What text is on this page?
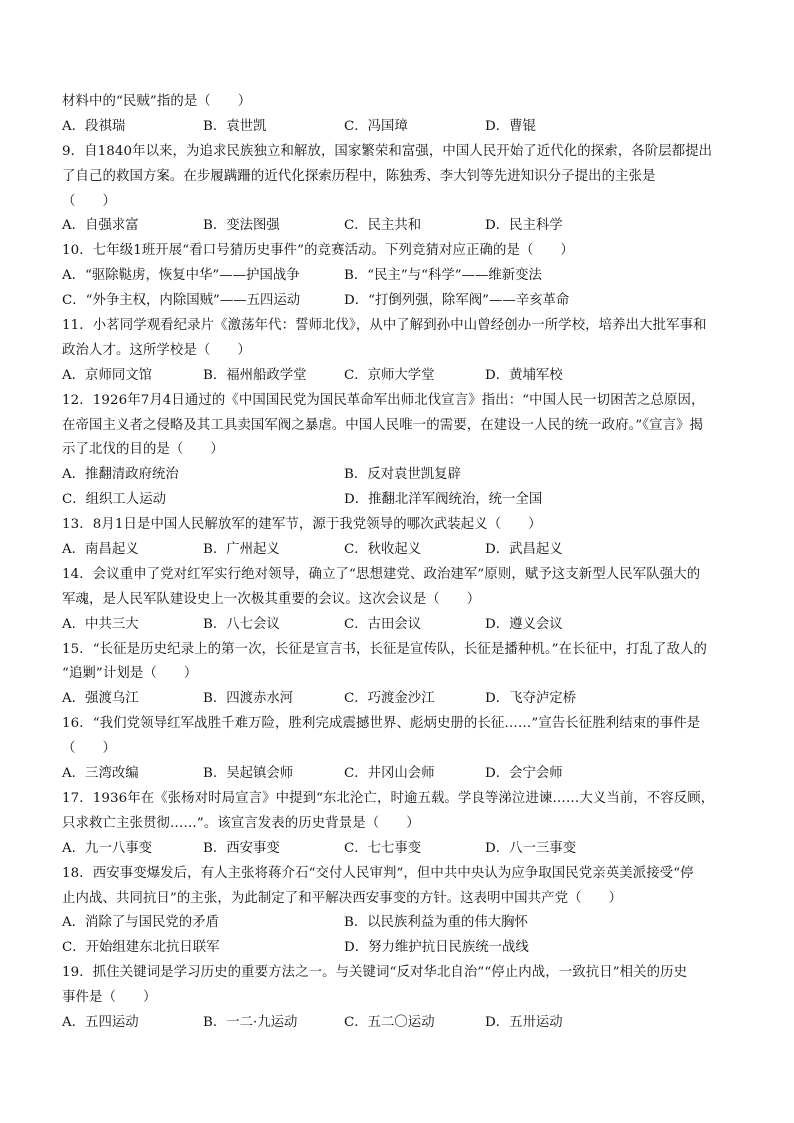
材料中的“民贼”指的是（　　）
A．段祺瑞	B．袁世凯	C．冯国璋	D．曹锟
9．自1840年以来，为追求民族独立和解放，国家繁荣和富强，中国人民开始了近代化的探索，各阶层都提出
了自己的救国方案。在步履蹒跚的近代化探索历程中，陈独秀、李大钊等先进知识分子提出的主张是
（　　）
A．自强求富	B．变法图强	C．民主共和	D．民主科学
10．七年级1班开展“看口号猜历史事件”的竞赛活动。下列竞猜对应正确的是（　　）
A．“驱除鞑虏，恢复中华”——护国战争	B．“民主”与“科学”——维新变法
C．“外争主权，内除国贼”——五四运动	D．“打倒列强，除军阀”——辛亥革命
11．小茗同学观看纪录片《激荡年代：誓师北伐》，从中了解到孙中山曾经创办一所学校，培养出大批军事和
政治人才。这所学校是（　　）
A．京师同文馆	B．福州船政学堂	C．京师大学堂	D．黄埔军校
12．1926年7月4日通过的《中国国民党为国民革命军出师北伐宣言》指出：“中国人民一切困苦之总原因，
在帝国主义者之侵略及其工具卖国军阀之暴虐。中国人民唯一的需要，在建设一人民的统一政府。”《宣言》揭
示了北伐的目的是（　　）
A．推翻清政府统治	B．反对袁世凯复辟
C．组织工人运动	D．推翻北洋军阀统治，统一全国
13．8月1日是中国人民解放军的建军节，源于我党领导的哪次武装起义（　　）
A．南昌起义	B．广州起义	C．秋收起义	D．武昌起义
14．会议重申了党对红军实行绝对领导，确立了“思想建党、政治建军”原则，赋予这支新型人民军队强大的
军魂，是人民军队建设史上一次极其重要的会议。这次会议是（　　）
A．中共三大	B．八七会议	C．古田会议	D．遵义会议
15．“长征是历史纪录上的第一次，长征是宣言书，长征是宣传队，长征是播种机。”在长征中，打乱了敌人的
“追剿”计划是（　　）
A．强渡乌江	B．四渡赤水河	C．巧渡金沙江	D．飞夺泸定桥
16．“我们党领导红军战胜千难万险，胜利完成震撼世界、彪炳史册的长征……”宣告长征胜利结束的事件是
（　　）
A．三湾改编	B．吴起镇会师	C．井冈山会师	D．会宁会师
17．1936年在《张杨对时局宣言》中提到“东北沦亡，时逾五载。学良等涕泣进谏……大义当前，不容反顾，
只求救亡主张贯彻……”。该宣言发表的历史背景是（　　）
A．九一八事变	B．西安事变	C．七七事变	D．八一三事变
18．西安事变爆发后，有人主张将蒋介石“交付人民审判”，但中共中央认为应争取国民党亲英美派接受“停
止内战、共同抗日”的主张，为此制定了和平解决西安事变的方针。这表明中国共产党（　　）
A．消除了与国民党的矛盾	B．以民族利益为重的伟大胸怀
C．开始组建东北抗日联军	D．努力维护抗日民族统一战线
19．抓住关键词是学习历史的重要方法之一。与关键词“反对华北自治”“停止内战，一致抗日”相关的历史
事件是（　　）
A．五四运动	B．一二·九运动	C．五二〇运动	D．五卅运动
